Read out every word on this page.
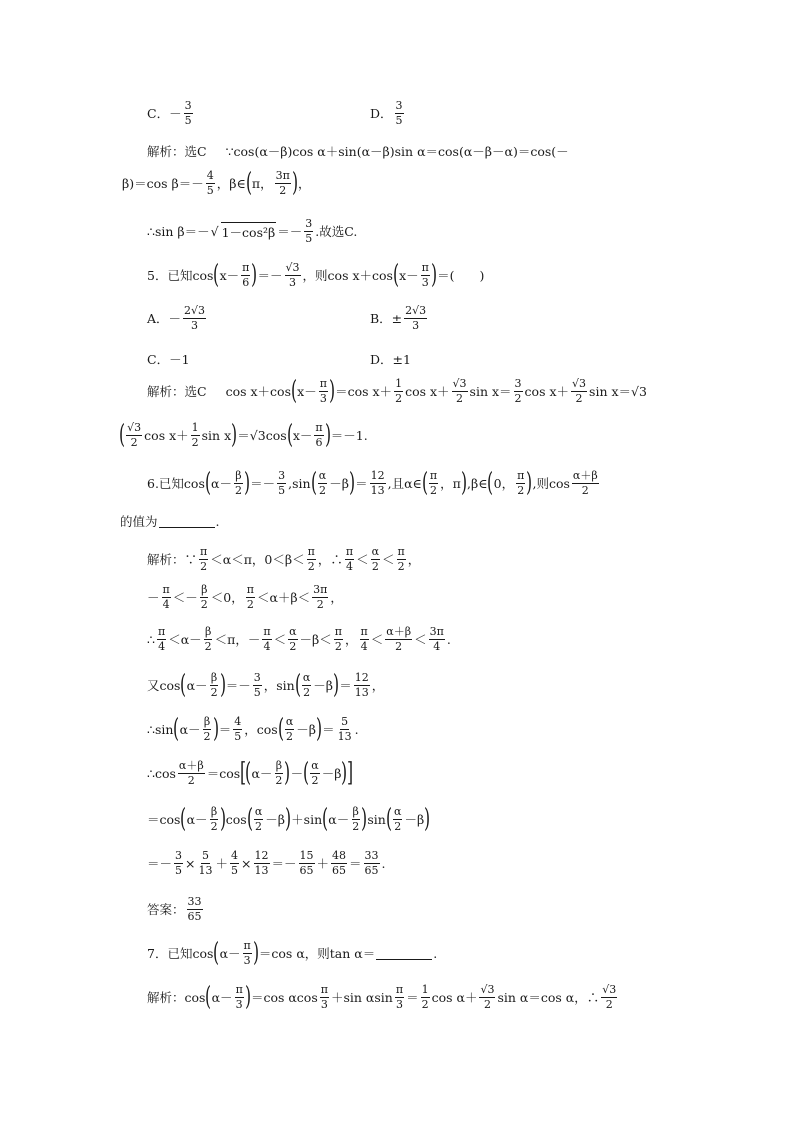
C．－ $\frac{3}{5}$	D． $\frac{3}{5}$
解析：选C ∵cos(α－β)cos α＋sin(α－β)sin α＝cos(α－β－α)＝cos(－
β)＝cos $\beta=- \frac{4}{5}$ ，β∈ ( π， $\frac{3\pi}{2}$ ) ，
∴sin β＝－ √ $1-\cos^2\beta =- \frac{3}{5}$ .故选C.
5．已知cos ( $x- \frac{\pi}{6}$ ) ＝－ $\frac{√3}{3}$ ，则cos x＋cos ( $x- \frac{\pi}{3}$ ) ＝(　　)
A．－ $\frac{2√3}{3}$	B．± $\frac{2√3}{3}$
C．－1	D．±1
解析：选C cos x＋cos ( $x- \frac{\pi}{3}$ ) ＝cos $x+ \frac{1}{2}$ $\cos x+ \frac{√3}{2}$ $\sin x= \frac{3}{2}$ $\cos x+ \frac{√3}{2}$ sin x＝√3
( $\frac{√3}{2}$ $\cos x+ \frac{1}{2}$ sin x ) ＝√3cos ( $x- \frac{\pi}{6}$ ) ＝－1.
6.已知cos ( $\alpha- \frac{\beta}{2}$ ) ＝－ $\frac{3}{5} ,\sin$ ( $\frac{\alpha}{2} -\beta$ ) ＝ $\frac{12}{13}$ ,且α∈ ( $\frac{\pi}{2}$ ，π ) ,β∈ ( 0， $\frac{\pi}{2}$ ) ,则$\cos \frac{\alpha+\beta}{2}$
的值为	.
解析：∵ $\frac{\pi}{2} <\alpha<\pi$，$0<\beta< \frac{\pi}{2}$ ，∴ $\frac{\pi}{4} < \frac{\alpha}{2} < \frac{\pi}{2}$ ，
－ $\frac{\pi}{4} <- \frac{\beta}{2} <0$， $\frac{\pi}{2} <\alpha+\beta< \frac{3\pi}{2}$ ，
∴ $\frac{\pi}{4} <\alpha- \frac{\beta}{2} <\pi$，－ $\frac{\pi}{4} < \frac{\alpha}{2} -\beta< \frac{\pi}{2}$ ， $\frac{\pi}{4} < \frac{\alpha+\beta}{2} < \frac{3\pi}{4}$ .
又cos ( $\alpha- \frac{\beta}{2}$ ) ＝－ $\frac{3}{5}$ ，sin ( $\frac{\alpha}{2} -\beta$ ) ＝ $\frac{12}{13}$ ，
∴sin ( $\alpha- \frac{\beta}{2}$ ) ＝ $\frac{4}{5}$ ，cos ( $\frac{\alpha}{2} -\beta$ ) ＝ $\frac{5}{13}$ .
∴cos $\frac{\alpha+\beta}{2} =\cos$ [ ( $\alpha- \frac{\beta}{2}$ ) － ( $\frac{\alpha}{2} -\beta$ ) ]
＝cos ( $\alpha- \frac{\beta}{2}$ ) cos ( $\frac{\alpha}{2} -\beta$ ) ＋sin ( $\alpha- \frac{\beta}{2}$ ) sin ( $\frac{\alpha}{2} -\beta$ )
＝－ $\frac{3}{5} \times \frac{5}{13} + \frac{4}{5} \times \frac{12}{13} =- \frac{15}{65} + \frac{48}{65} = \frac{33}{65}$ .
答案： $\frac{33}{65}$
7．已知cos ( $\alpha- \frac{\pi}{3}$ ) ＝cos α，则tan α＝	.
解析：cos ( $\alpha- \frac{\pi}{3}$ ) ＝cos αcos $\frac{\pi}{3} +\sin$ αsin $\frac{\pi}{3} = \frac{1}{2}$ $\cos \alpha+ \frac{√3}{2}$ sin α＝cos α，∴ $\frac{√3}{2}$
